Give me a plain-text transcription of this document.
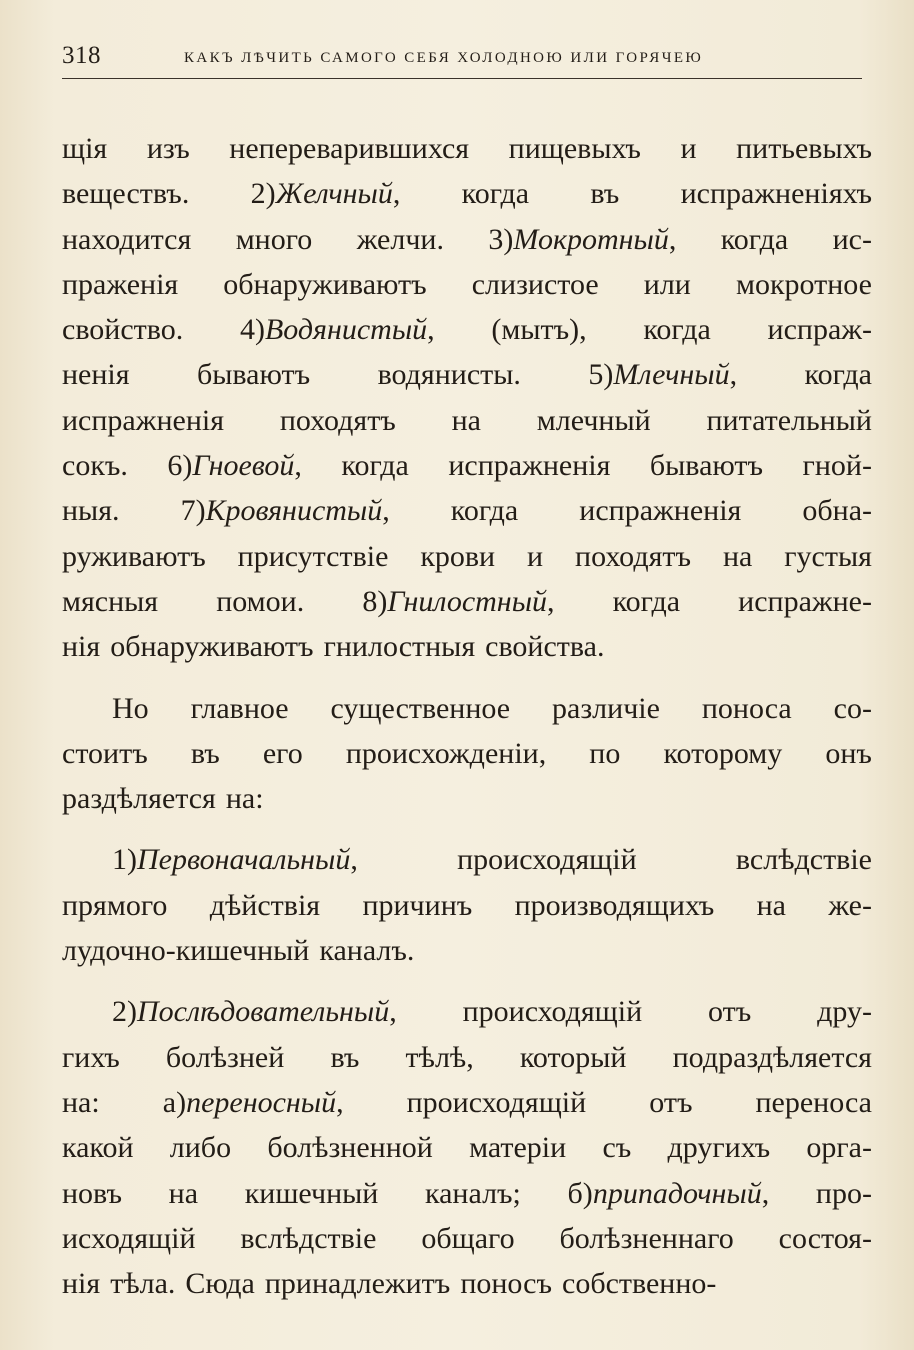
318	КАКЪ ЛѢЧИТЬ САМОГО СЕБЯ ХОЛОДНОЮ ИЛИ ГОРЯЧЕЮ
щія изъ непереварившихся пищевыхъ и питьевыхъ
веществъ. 2)Желчный, когда въ испражненіяхъ
находится много желчи. 3)Мокротный, когда ис-
праженія обнаруживаютъ слизистое или мокротное
свойство. 4)Водянистый, (мытъ), когда испраж-
ненія бываютъ водянисты. 5)Млечный, когда
испражненія походятъ на млечный питательный
сокъ. 6)Гноевой, когда испражненія бываютъ гной-
ныя. 7)Кровянистый, когда испражненія обна-
руживаютъ присутствіе крови и походятъ на густыя
мясныя помои. 8)Гнилостный, когда испражне-
нія обнаруживаютъ гнилостныя свойства.
Но главное существенное различіе поноса со-
стоитъ въ его происхожденіи, по которому онъ
раздѣляется на:
1)Первоначальный,	происходящій	вслѣдствіе
прямого дѣйствія причинъ производящихъ на же-
лудочно-кишечный каналъ.
2)Послѣдовательный, происходящій отъ дру-
гихъ болѣзней въ тѣлѣ, который подраздѣляется
на: а)переносный, происходящій отъ переноса
какой либо болѣзненной матеріи съ другихъ орга-
новъ на кишечный каналъ; б)припадочный, про-
исходящій вслѣдствіе общаго болѣзненнаго состоя-
нія тѣла. Сюда принадлежитъ поносъ собственно-
